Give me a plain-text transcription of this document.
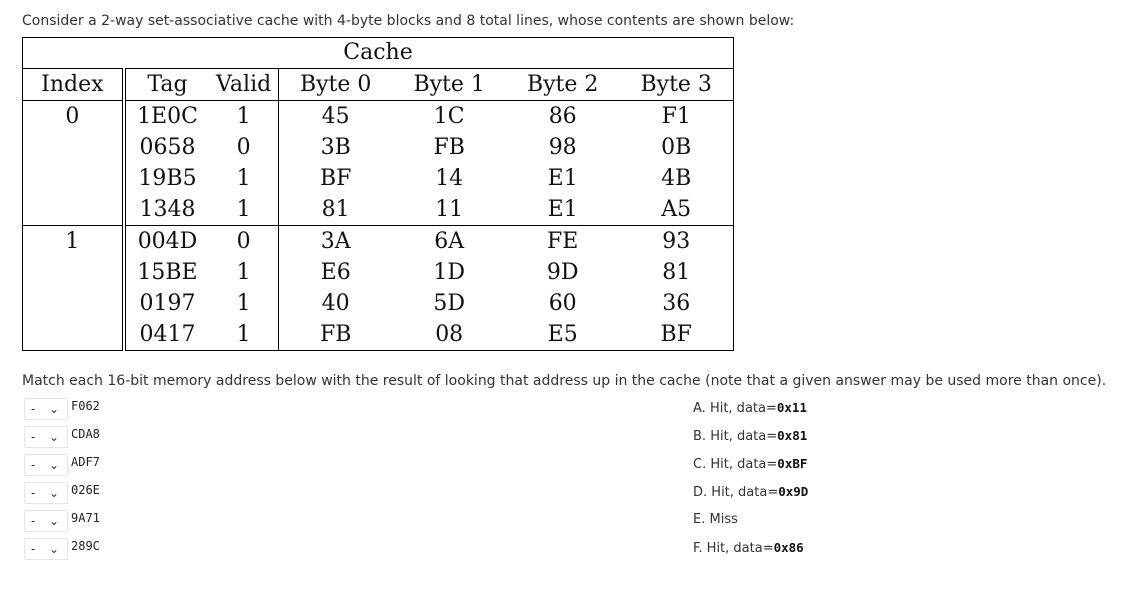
Consider a 2-way set-associative cache with 4-byte blocks and 8 total lines, whose contents are shown below:
Cache						
Index	Tag	Valid	Byte 0	Byte 1	Byte 2	Byte 3
0	1E0C	1	45	1C	86	F1
	0658	0	3B	FB	98	0B
	19B5	1	BF	14	E1	4B
	1348	1	81	11	E1	A5
1	004D	0	3A	6A	FE	93
	15BE	1	E6	1D	9D	81
	0197	1	40	5D	60	36
	0417	1	FB	08	E5	BF
Match each 16-bit memory address below with the result of looking that address up in the cache (note that a given answer may be used more than once).
- ⌄ F062
- ⌄ CDA8
- ⌄ ADF7
- ⌄ 026E
- ⌄ 9A71
- ⌄ 289C
A. Hit, data=0x11
B. Hit, data=0x81
C. Hit, data=0xBF
D. Hit, data=0x9D
E. Miss
F. Hit, data=0x86
